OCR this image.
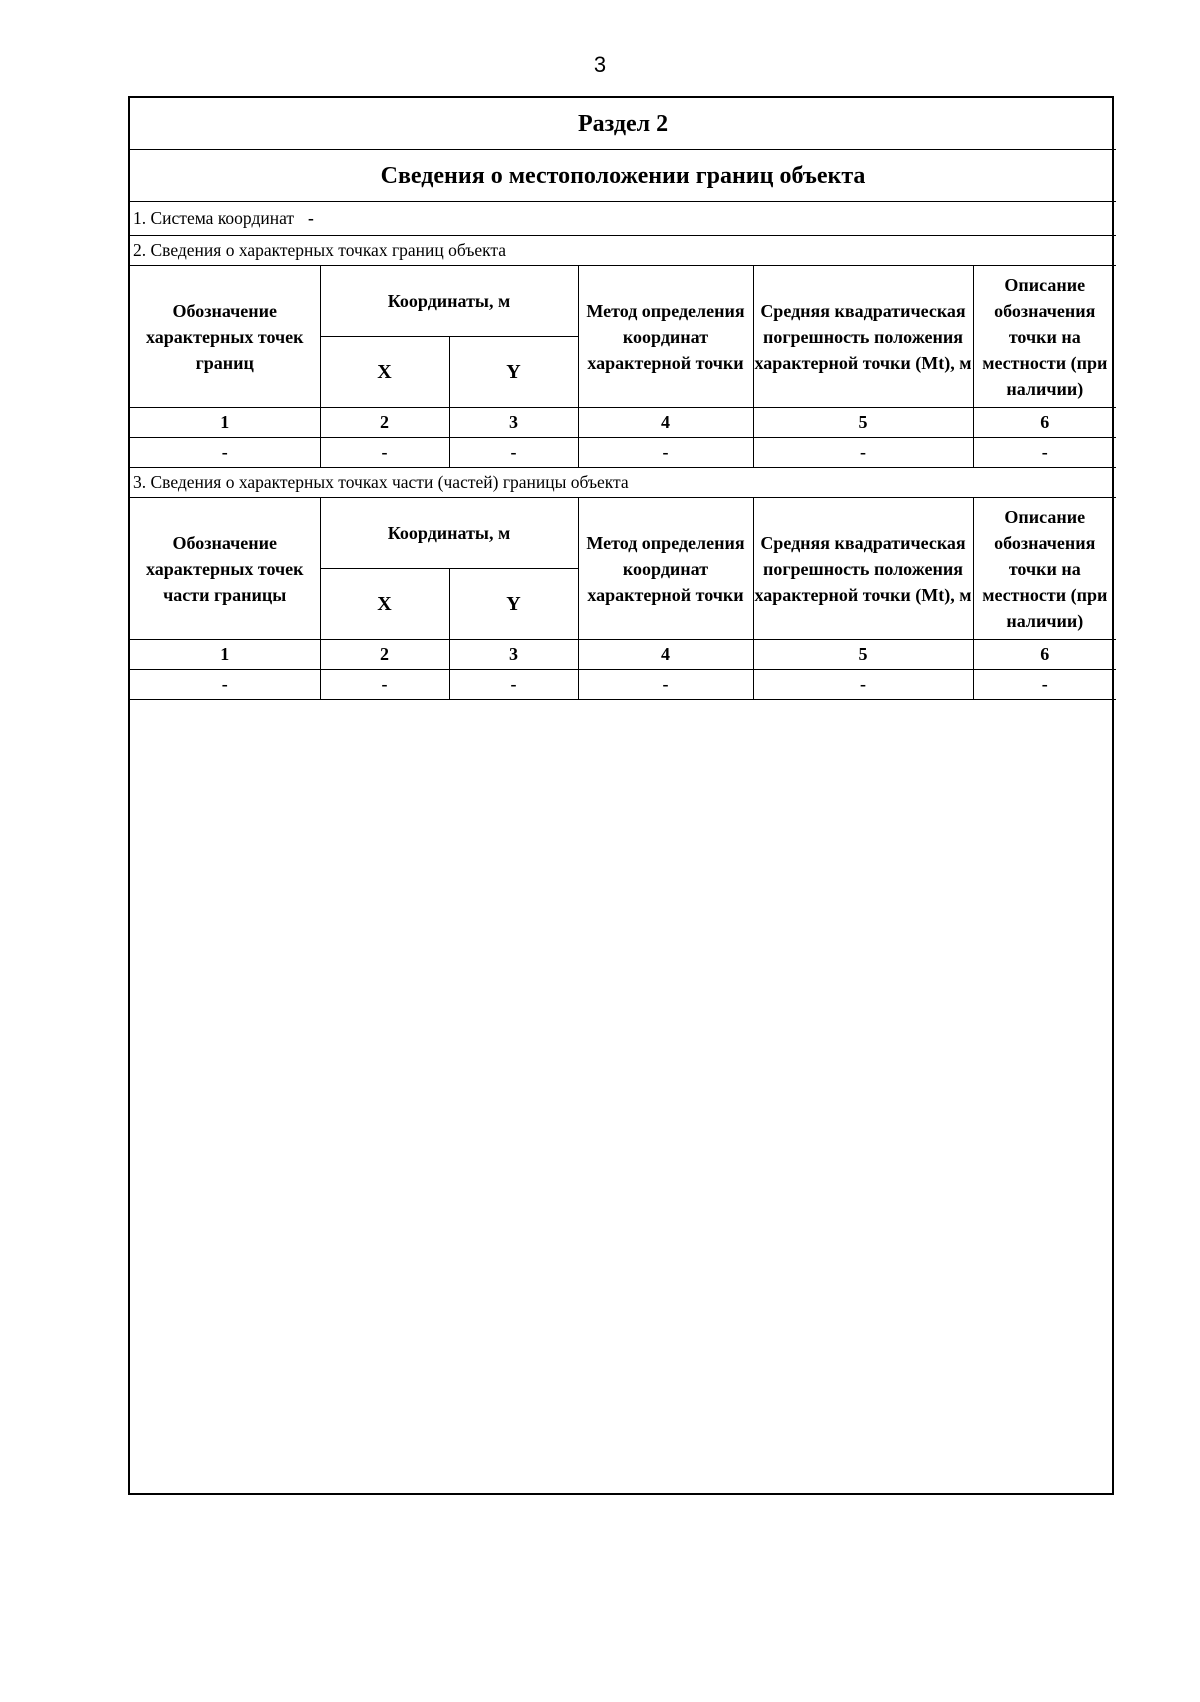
3
Раздел 2					
Сведения о местоположении границ объекта					
1. Система координат -					
2. Сведения о характерных точках границ объекта					
Обозначение характерных точек границ	Координаты, м		Метод определения координат характерной точки	Средняя квадратическая погрешность положения характерной точки (Mt), м	Описание обозначения точки на местности (при наличии)
	X	Y			
1	2	3	4	5	6
-	-	-	-	-	-
3. Сведения о характерных точках части (частей) границы объекта					
Обозначение характерных точек части границы	Координаты, м		Метод определения координат характерной точки	Средняя квадратическая погрешность положения характерной точки (Mt), м	Описание обозначения точки на местности (при наличии)
	X	Y			
1	2	3	4	5	6
-	-	-	-	-	-
